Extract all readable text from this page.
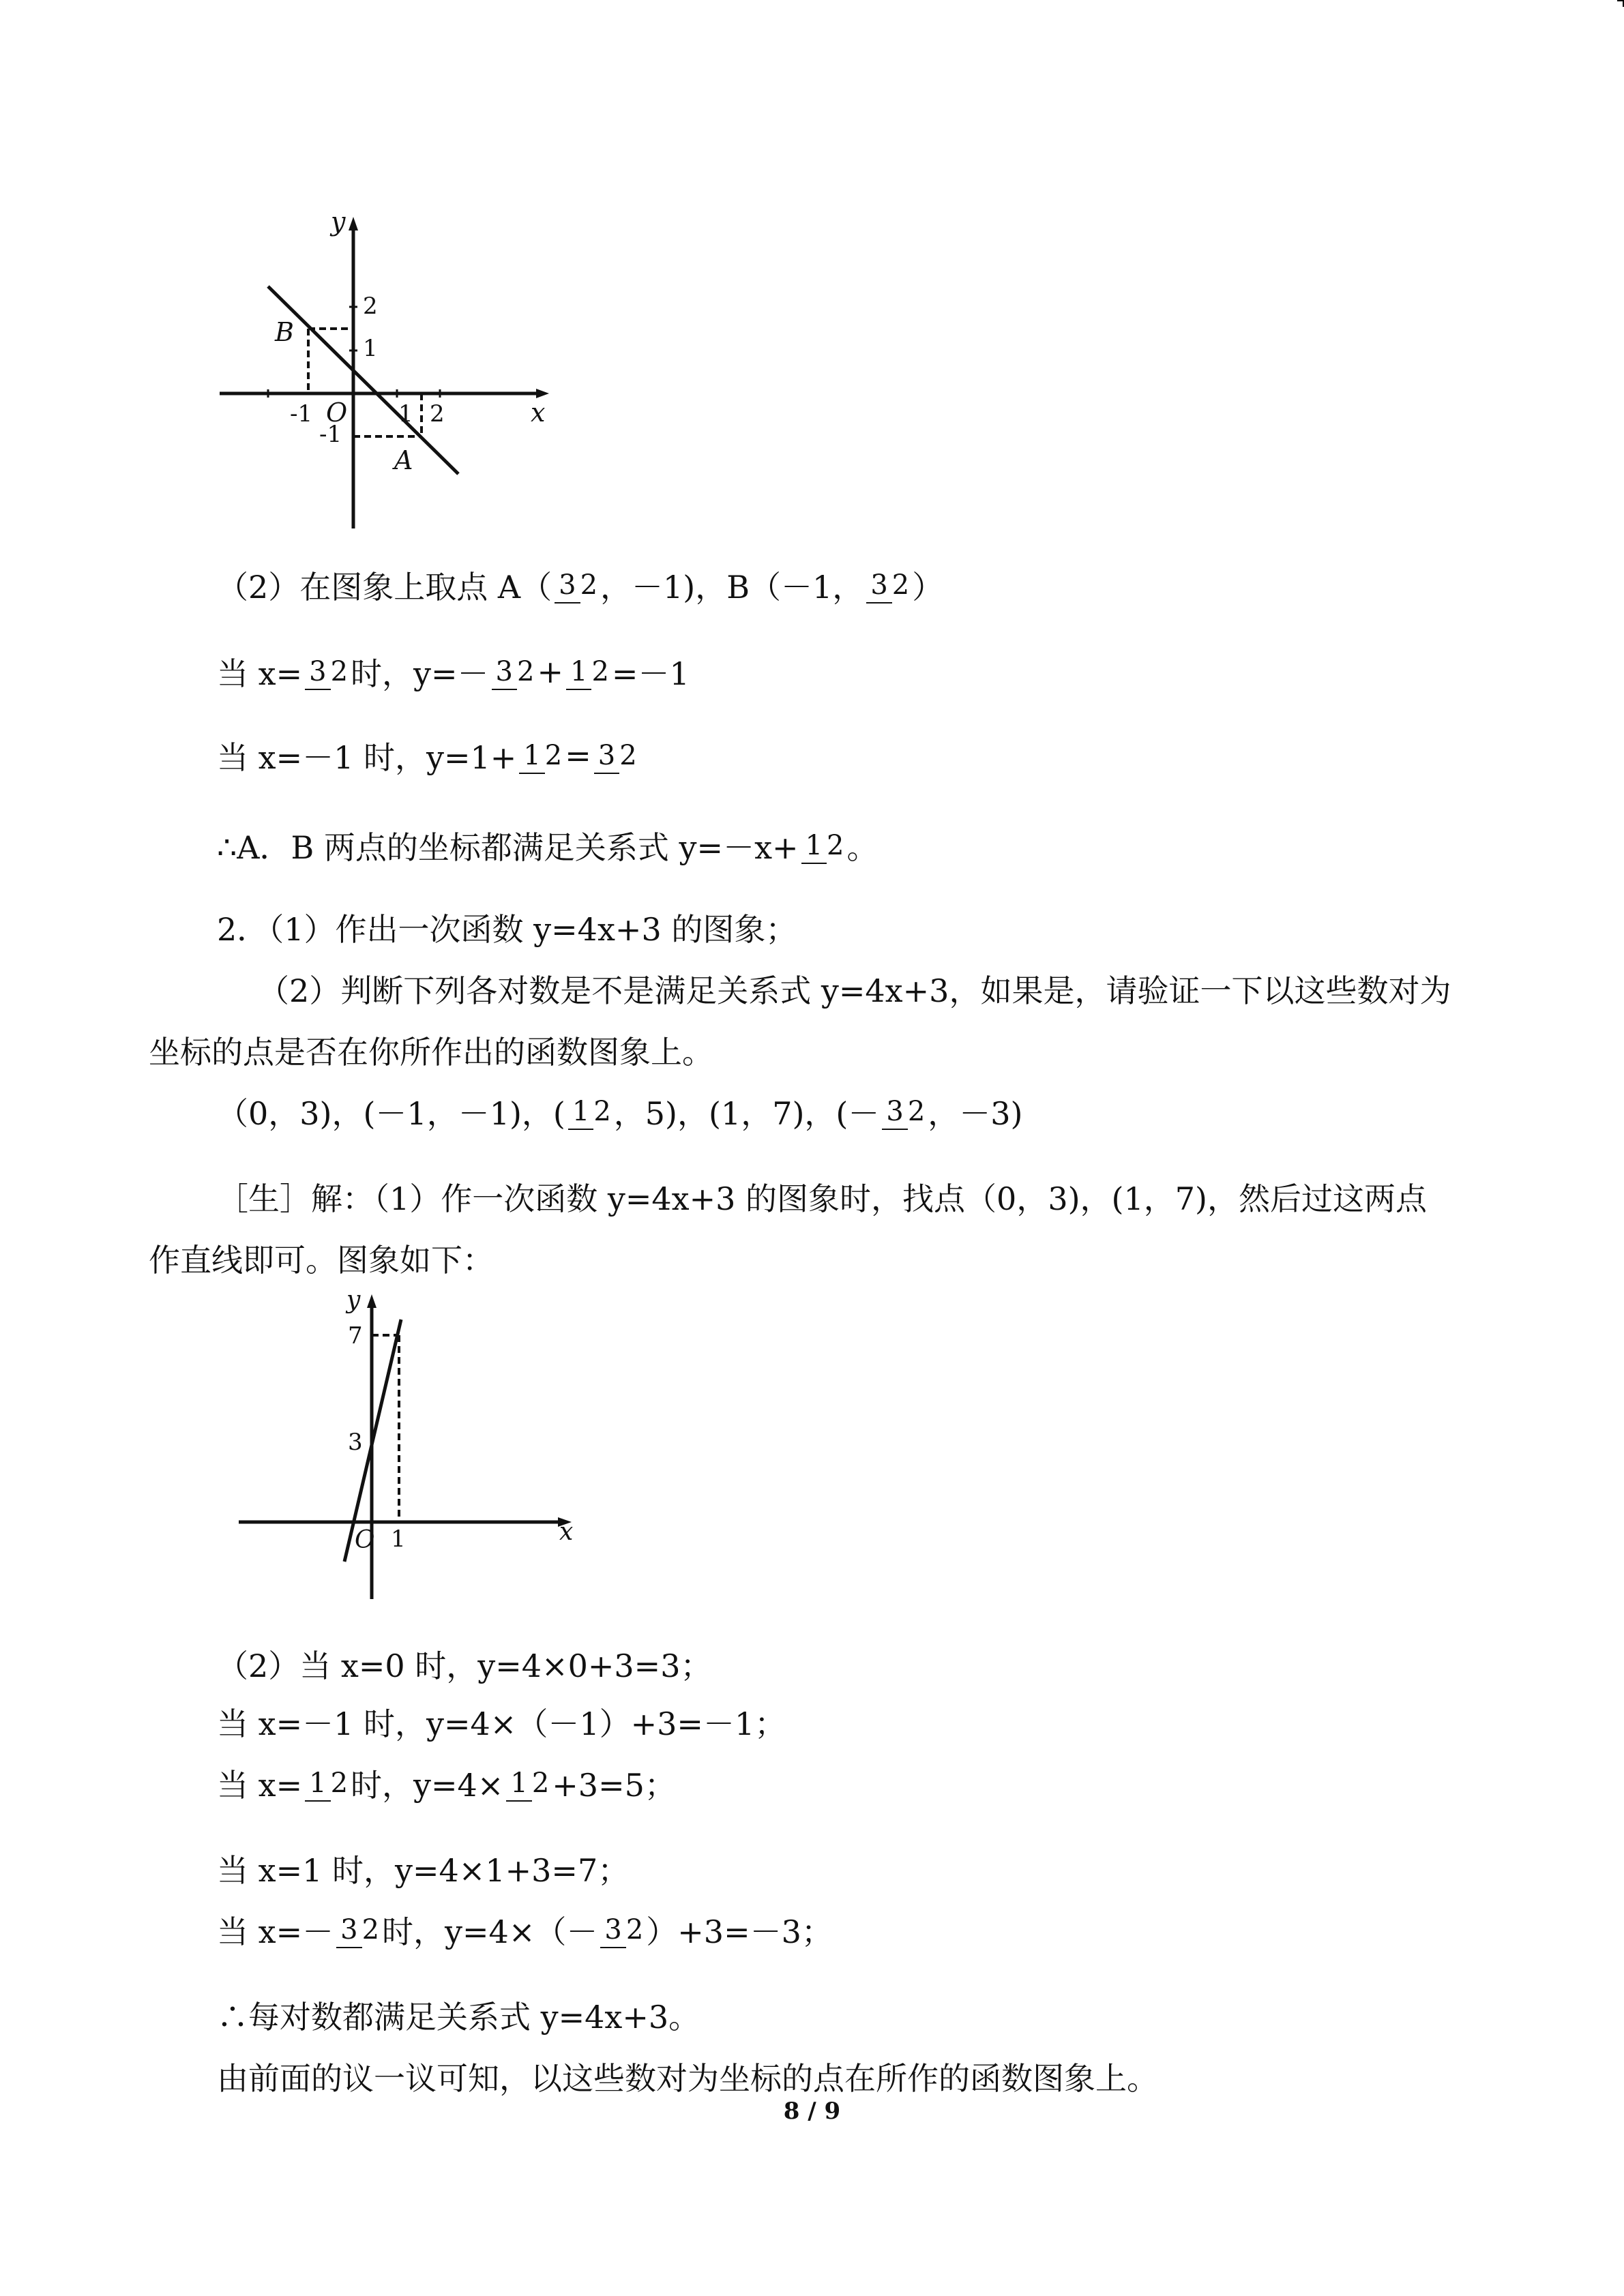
y
x
O
B
A
2
1
-1
-1	1 2
（2）在图象上取点 A（ 3 2 ，－1)，B（－1， 3 2 ）
当 x= 3 2 时，y=－ 3 2 + 1 2 =－1
当 x=－1 时，y=1+ 1 2 = 3 2
∴A．B 两点的坐标都满足关系式 y=－x+ 1 2 。
2．（1）作出一次函数 y=4x+3 的图象；
（2）判断下列各对数是不是满足关系式 y=4x+3，如果是，请验证一下以这些数对为
坐标的点是否在你所作出的函数图象上。
（0，3)，(－1，－1)，( 1 2 ，5)，(1，7)，(－ 3 2 ，－3)
［生］解：（1）作一次函数 y=4x+3 的图象时，找点（0，3)，(1，7)，然后过这两点
作直线即可。图象如下：
y
x
O
7
3
1
（2）当 x=0 时，y=4×0+3=3；
当 x=－1 时，y=4×（－1）+3=－1；
当 x= 1 2 时，y=4× 1 2 +3=5；
当 x=1 时，y=4×1+3=7；
当 x=－ 3 2 时，y=4×（－ 3 2 ）+3=－3；
∴每对数都满足关系式 y=4x+3。
由前面的议一议可知，以这些数对为坐标的点在所作的函数图象上。
8 / 9
